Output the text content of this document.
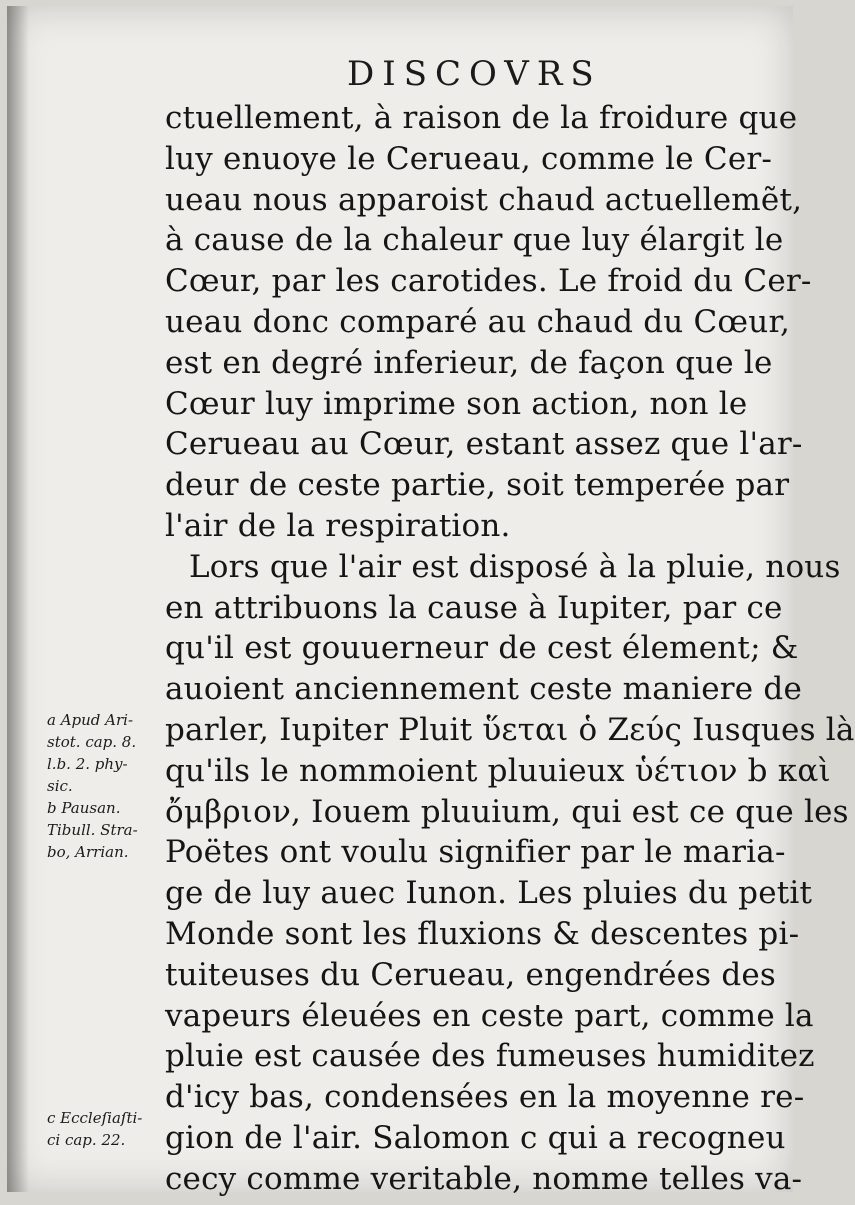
DISCOVRS
ctuellement, à raison de la froidure que
luy enuoye le Cerueau, comme le Cer-
ueau nous apparoist chaud actuellemẽt,
à cause de la chaleur que luy élargit le
Cœur, par les carotides. Le froid du Cer-
ueau donc comparé au chaud du Cœur,
est en degré inferieur, de façon que le
Cœur luy imprime son action, non le
Cerueau au Cœur, estant assez que l'ar-
deur de ceste partie, soit temperée par
l'air de la respiration.
Lors que l'air est disposé à la pluie, nous
en attribuons la cause à Iupiter, par ce
qu'il est gouuerneur de cest élement; &
auoient anciennement ceste maniere de
parler, Iupiter Pluit ὕεται ὁ Ζεύς Iusques là
qu'ils le nommoient pluuieux ὑέτιον b καὶ
ὄμβριον, Iouem pluuium, qui est ce que les
Poëtes ont voulu signifier par le maria-
ge de luy auec Iunon. Les pluies du petit
Monde sont les fluxions & descentes pi-
tuiteuses du Cerueau, engendrées des
vapeurs éleuées en ceste part, comme la
pluie est causée des fumeuses humiditez
d'icy bas, condensées en la moyenne re-
gion de l'air. Salomon c qui a recogneu
cecy comme veritable, nomme telles va-
a Apud Ari-
stot. cap. 8.
l.b. 2. phy-
sic.
b Pausan.
Tibull. Stra-
bo, Arrian.
c Eccleſiaſti-
ci cap. 22.
